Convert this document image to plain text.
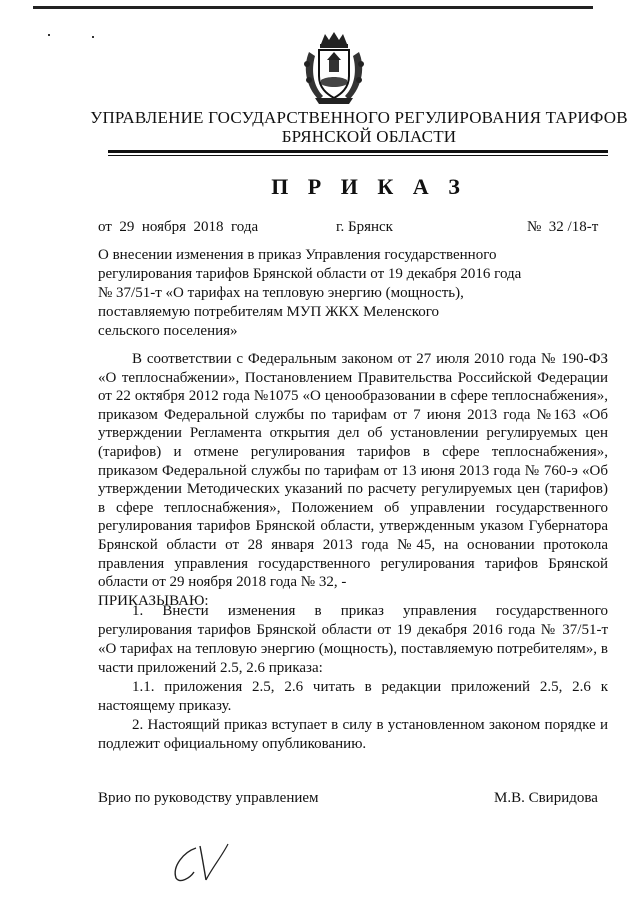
УПРАВЛЕНИЕ ГОСУДАРСТВЕННОГО РЕГУЛИРОВАНИЯ ТАРИФОВ
БРЯНСКОЙ ОБЛАСТИ
П Р И К А З
от  29  ноября  2018  года	г. Брянск	№  32 /18-т
О внесении изменения в приказ Управления государственного
регулирования тарифов Брянской области от 19 декабря 2016 года
№ 37/51-т «О тарифах на тепловую энергию (мощность),
поставляемую потребителям МУП ЖКХ Меленского
сельского поселения»

В соответствии с Федеральным законом от 27 июля 2010 года № 190-ФЗ «О теплоснабжении», Постановлением Правительства Российской Федерации от 22 октября 2012 года №1075 «О ценообразовании в сфере теплоснабжения», приказом Федеральной службы по тарифам от 7 июня 2013 года №163 «Об утверждении Регламента открытия дел об установлении регулируемых цен (тарифов) и отмене регулирования тарифов в сфере теплоснабжения», приказом Федеральной службы по тарифам от 13 июня 2013 года № 760-э «Об утверждении Методических указаний по расчету регулируемых цен (тарифов) в сфере теплоснабжения», Положением об управлении государственного регулирования тарифов Брянской области, утвержденным указом Губернатора Брянской области от 28 января 2013 года №45, на основании протокола правления управления государственного регулирования тарифов Брянской области от 29 ноября 2018 года № 32, -

ПРИКАЗЫВАЮ:

1. Внести изменения в приказ управления государственного регулирования тарифов Брянской области от 19 декабря 2016 года № 37/51-т «О тарифах на тепловую энергию (мощность), поставляемую потребителям», в части приложений 2.5, 2.6 приказа:

1.1. приложения 2.5, 2.6 читать в редакции приложений 2.5, 2.6 к настоящему приказу.

2. Настоящий приказ вступает в силу в установленном законом порядке и подлежит официальному опубликованию.

Врио по руководству управлением	М.В. Свиридова
